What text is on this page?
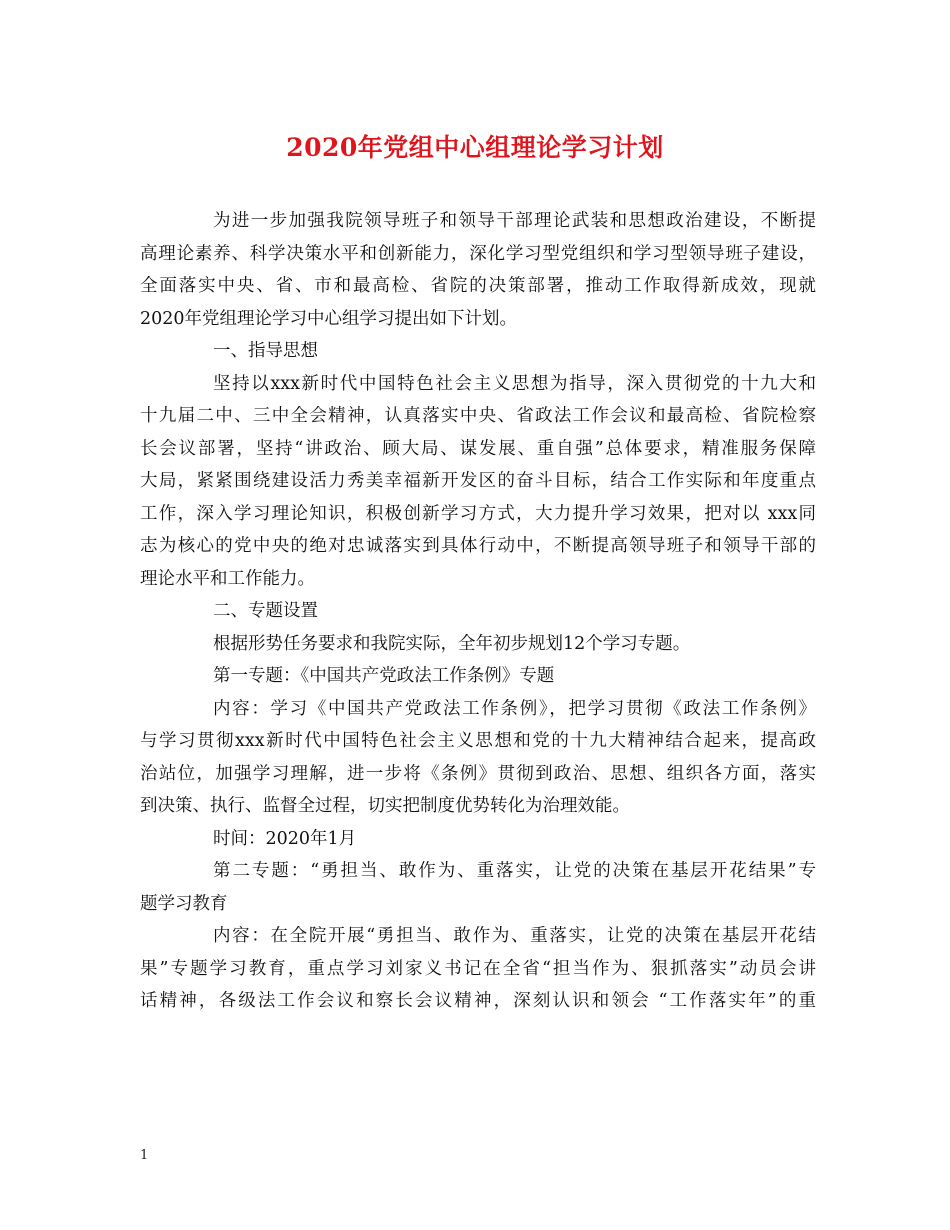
2020年党组中心组理论学习计划
为进一步加强我院领导班子和领导干部理论武装和思想政治建设，不断提
高理论素养、科学决策水平和创新能力，深化学习型党组织和学习型领导班子建设，
全面落实中央、省、市和最高检、省院的决策部署，推动工作取得新成效，现就
2020年党组理论学习中心组学习提出如下计划。
一、指导思想
坚持以xxx新时代中国特色社会主义思想为指导，深入贯彻党的十九大和
十九届二中、三中全会精神，认真落实中央、省政法工作会议和最高检、省院检察
长会议部署，坚持“讲政治、顾大局、谋发展、重自强”总体要求，精准服务保障
大局，紧紧围绕建设活力秀美幸福新开发区的奋斗目标，结合工作实际和年度重点
工作，深入学习理论知识，积极创新学习方式，大力提升学习效果，把对以 xxx同
志为核心的党中央的绝对忠诚落实到具体行动中，不断提高领导班子和领导干部的
理论水平和工作能力。
二、专题设置
根据形势任务要求和我院实际，全年初步规划12个学习专题。
第一专题：《中国共产党政法工作条例》专题
内容：学习《中国共产党政法工作条例》，把学习贯彻《政法工作条例》
与学习贯彻xxx新时代中国特色社会主义思想和党的十九大精神结合起来，提高政
治站位，加强学习理解，进一步将《条例》贯彻到政治、思想、组织各方面，落实
到决策、执行、监督全过程，切实把制度优势转化为治理效能。
时间：2020年1月
第二专题：“勇担当、敢作为、重落实，让党的决策在基层开花结果”专
题学习教育
内容：在全院开展“勇担当、敢作为、重落实，让党的决策在基层开花结
果”专题学习教育，重点学习刘家义书记在全省“担当作为、狠抓落实”动员会讲
话精神，各级法工作会议和察长会议精神，深刻认识和领会 “工作落实年”的重
1
